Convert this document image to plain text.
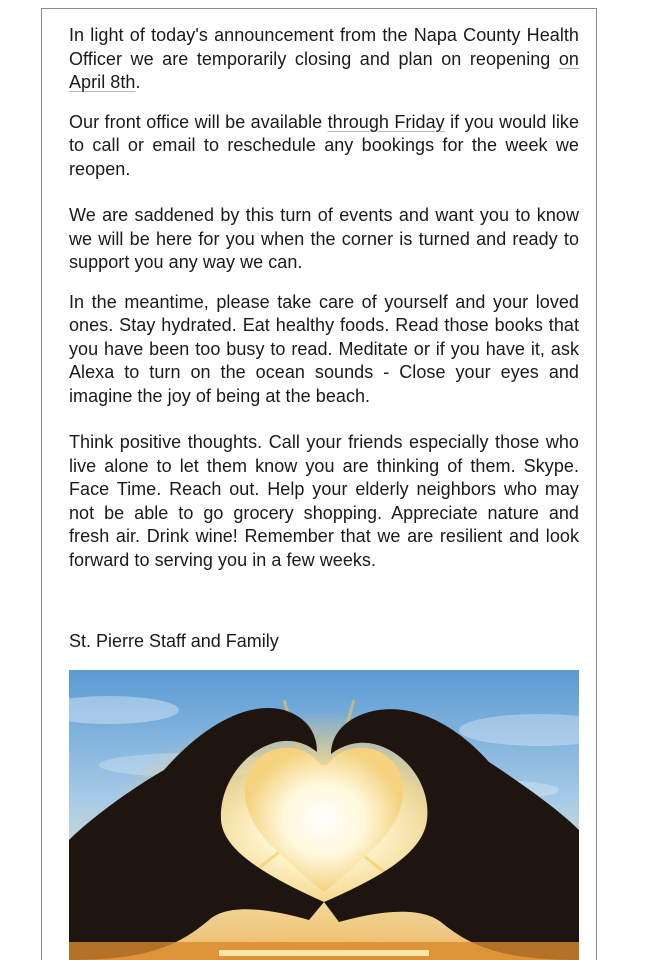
In light of today's announcement from the Napa County Health Officer we are temporarily closing and plan on reopening on April 8th.

Our front office will be available through Friday if you would like to call or email to reschedule any bookings for the week we reopen.

We are saddened by this turn of events and want you to know we will be here for you when the corner is turned and ready to support you any way we can.

In the meantime, please take care of yourself and your loved ones. Stay hydrated. Eat healthy foods. Read those books that you have been too busy to read. Meditate or if you have it, ask Alexa to turn on the ocean sounds - Close your eyes and imagine the joy of being at the beach.

Think positive thoughts. Call your friends especially those who live alone to let them know you are thinking of them. Skype. Face Time. Reach out. Help your elderly neighbors who may not be able to go grocery shopping. Appreciate nature and fresh air. Drink wine! Remember that we are resilient and look forward to serving you in a few weeks.

St. Pierre Staff and Family
